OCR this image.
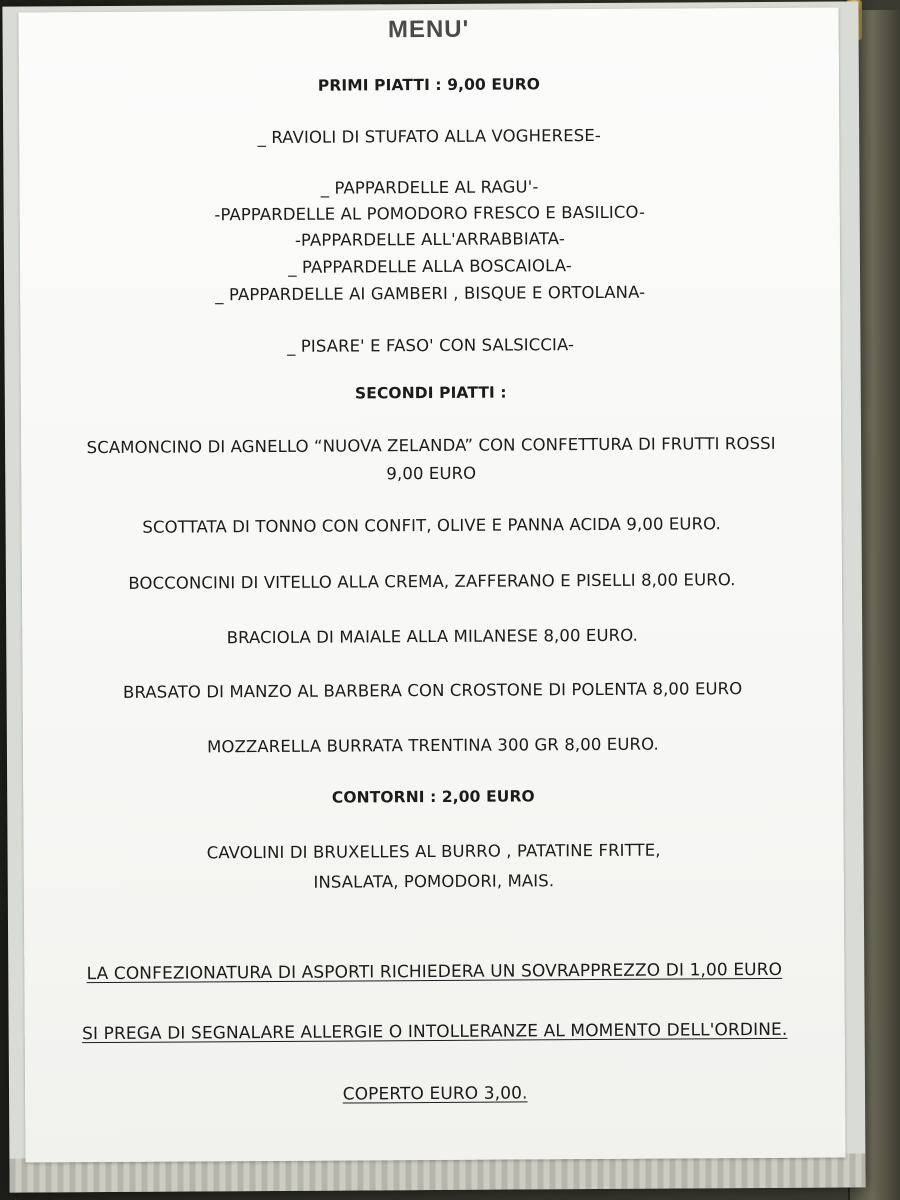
MENU'
PRIMI PIATTI : 9,00 EURO
_ RAVIOLI DI STUFATO ALLA VOGHERESE-
_ PAPPARDELLE AL RAGU'-
-PAPPARDELLE AL POMODORO FRESCO E BASILICO-
-PAPPARDELLE ALL'ARRABBIATA-
_ PAPPARDELLE ALLA BOSCAIOLA-
_ PAPPARDELLE AI GAMBERI , BISQUE E ORTOLANA-
_ PISARE' E FASO' CON SALSICCIA-
SECONDI PIATTI :
SCAMONCINO DI AGNELLO “NUOVA ZELANDA” CON CONFETTURA DI FRUTTI ROSSI
9,00 EURO
SCOTTATA DI TONNO CON CONFIT, OLIVE E PANNA ACIDA 9,00 EURO.
BOCCONCINI DI VITELLO ALLA CREMA, ZAFFERANO E PISELLI 8,00 EURO.
BRACIOLA DI MAIALE ALLA MILANESE 8,00 EURO.
BRASATO DI MANZO AL BARBERA CON CROSTONE DI POLENTA 8,00 EURO
MOZZARELLA BURRATA TRENTINA 300 GR 8,00 EURO.
CONTORNI : 2,00 EURO
CAVOLINI DI BRUXELLES AL BURRO , PATATINE FRITTE,
INSALATA, POMODORI, MAIS.
LA CONFEZIONATURA DI ASPORTI RICHIEDERA UN SOVRAPPREZZO DI 1,00 EURO
SI PREGA DI SEGNALARE ALLERGIE O INTOLLERANZE AL MOMENTO DELL'ORDINE.
COPERTO EURO 3,00.
